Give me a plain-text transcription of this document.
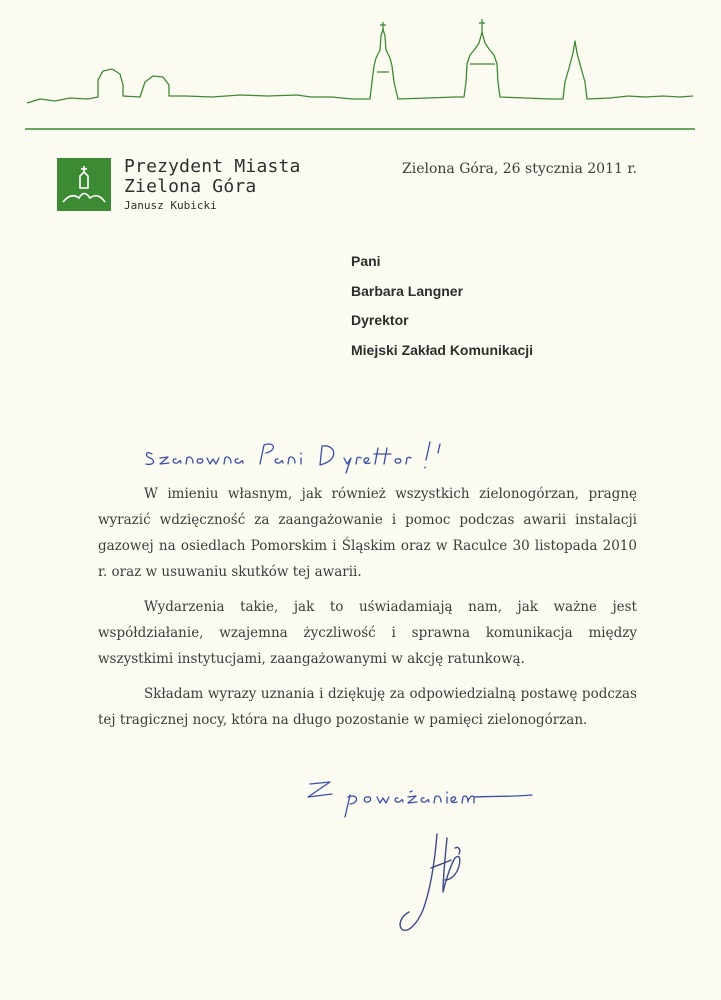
Prezydent Miasta
Zielona Góra
Janusz Kubicki
Zielona Góra, 26 stycznia 2011 r.
Pani
Barbara Langner
Dyrektor
Miejski Zakład Komunikacji

W imieniu własnym, jak również wszystkich zielonogórzan, pragnę wyrazić wdzięczność za zaangażowanie i pomoc podczas awarii instalacji gazowej na osiedlach Pomorskim i Śląskim oraz w Raculce 30 listopada 2010 r. oraz w usuwaniu skutków tej awarii.

Wydarzenia takie, jak to uświadamiają nam, jak ważne jest współdziałanie, wzajemna życzliwość i sprawna komunikacja między wszystkimi instytucjami, zaangażowanymi w akcję ratunkową.

Składam wyrazy uznania i dziękuję za odpowiedzialną postawę podczas tej tragicznej nocy, która na długo pozostanie w pamięci zielonogórzan.
